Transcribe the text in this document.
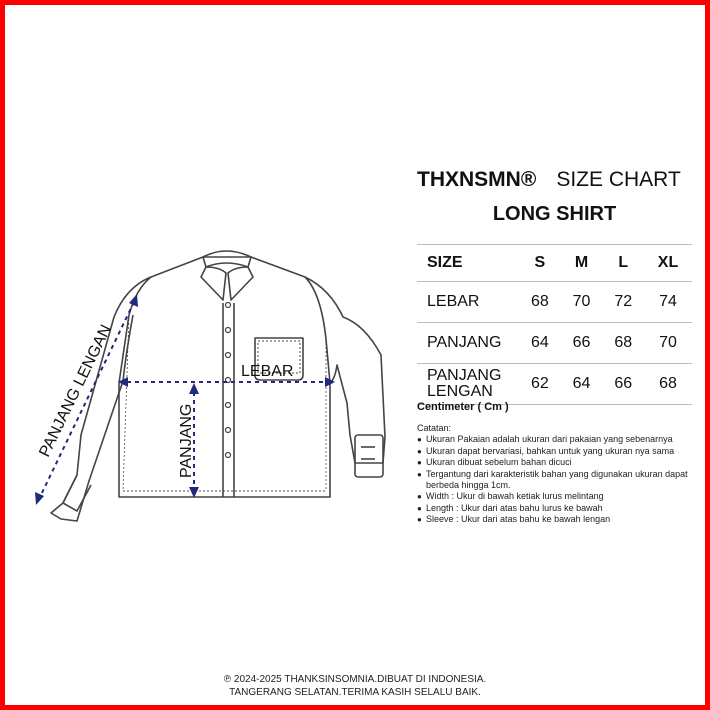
LEBAR
PANJANG
PANJANG LENGAN
THXNSMN® SIZE CHART
LONG SHIRT
SIZE	S	M	L	XL
LEBAR	68	70	72	74
PANJANG	64	66	68	70
PANJANG
LENGAN	62	64	66	68
Centimeter ( Cm )
Catatan:
● Ukuran Pakaian adalah ukuran dari pakaian yang sebenarnya
● Ukuran dapat bervariasi, bahkan untuk yang ukuran nya sama
● Ukuran dibuat sebelum bahan dicuci
● Tergantung dari karakteristik bahan yang digunakan ukuran dapat berbeda hingga 1cm.
● Width : Ukur di bawah ketiak lurus melintang
● Length : Ukur dari atas bahu lurus ke bawah
● Sleeve : Ukur dari atas bahu ke bawah lengan
℗ 2024-2025 THANKSINSOMNIA.DIBUAT DI INDONESIA.
TANGERANG SELATAN.TERIMA KASIH SELALU BAIK.
